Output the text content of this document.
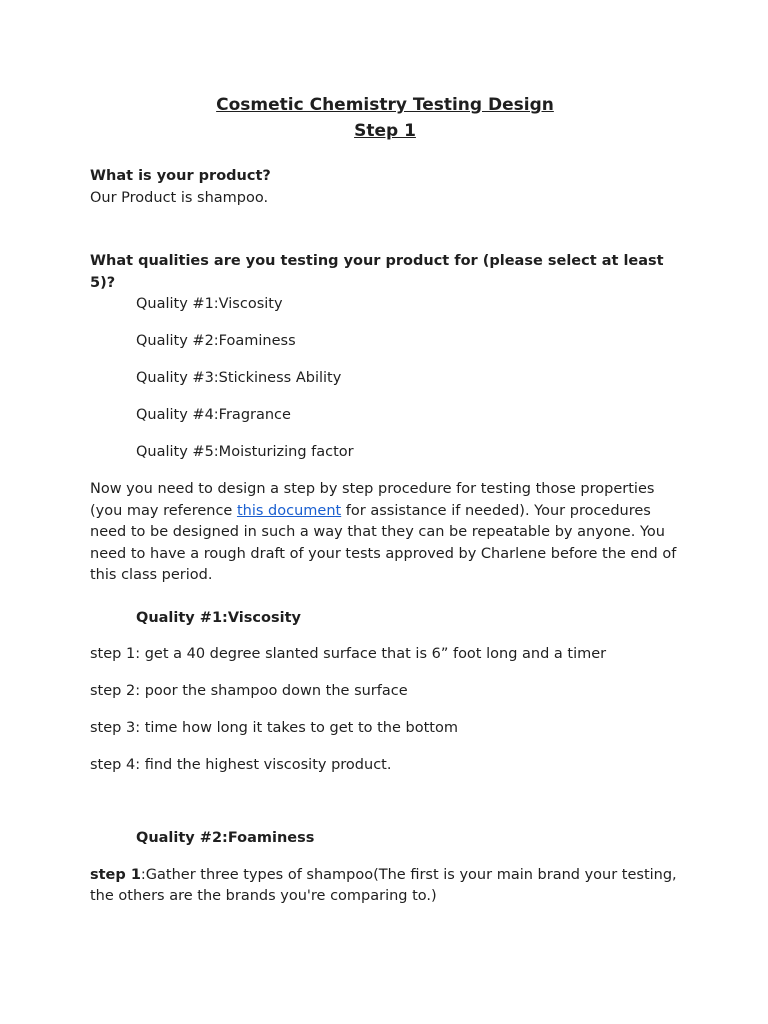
Cosmetic Chemistry Testing Design
Step 1

What is your product?

Our Product is shampoo.

What qualities are you testing your product for (please select at least 5)?

Quality #1:Viscosity
Quality #2:Foaminess
Quality #3:Stickiness Ability
Quality #4:Fragrance
Quality #5:Moisturizing factor

Now you need to design a step by step procedure for testing those properties (you may reference this document for assistance if needed). Your procedures need to be designed in such a way that they can be repeatable by anyone. You need to have a rough draft of your tests approved by Charlene before the end of this class period.

Quality #1:Viscosity

step 1: get a 40 degree slanted surface that is 6” foot long and a timer
step 2: poor the shampoo down the surface
step 3: time how long it takes to get to the bottom
step 4: find the highest viscosity product.

Quality #2:Foaminess

step 1:Gather three types of shampoo(The first is your main brand your testing, the others are the brands you're comparing to.)
